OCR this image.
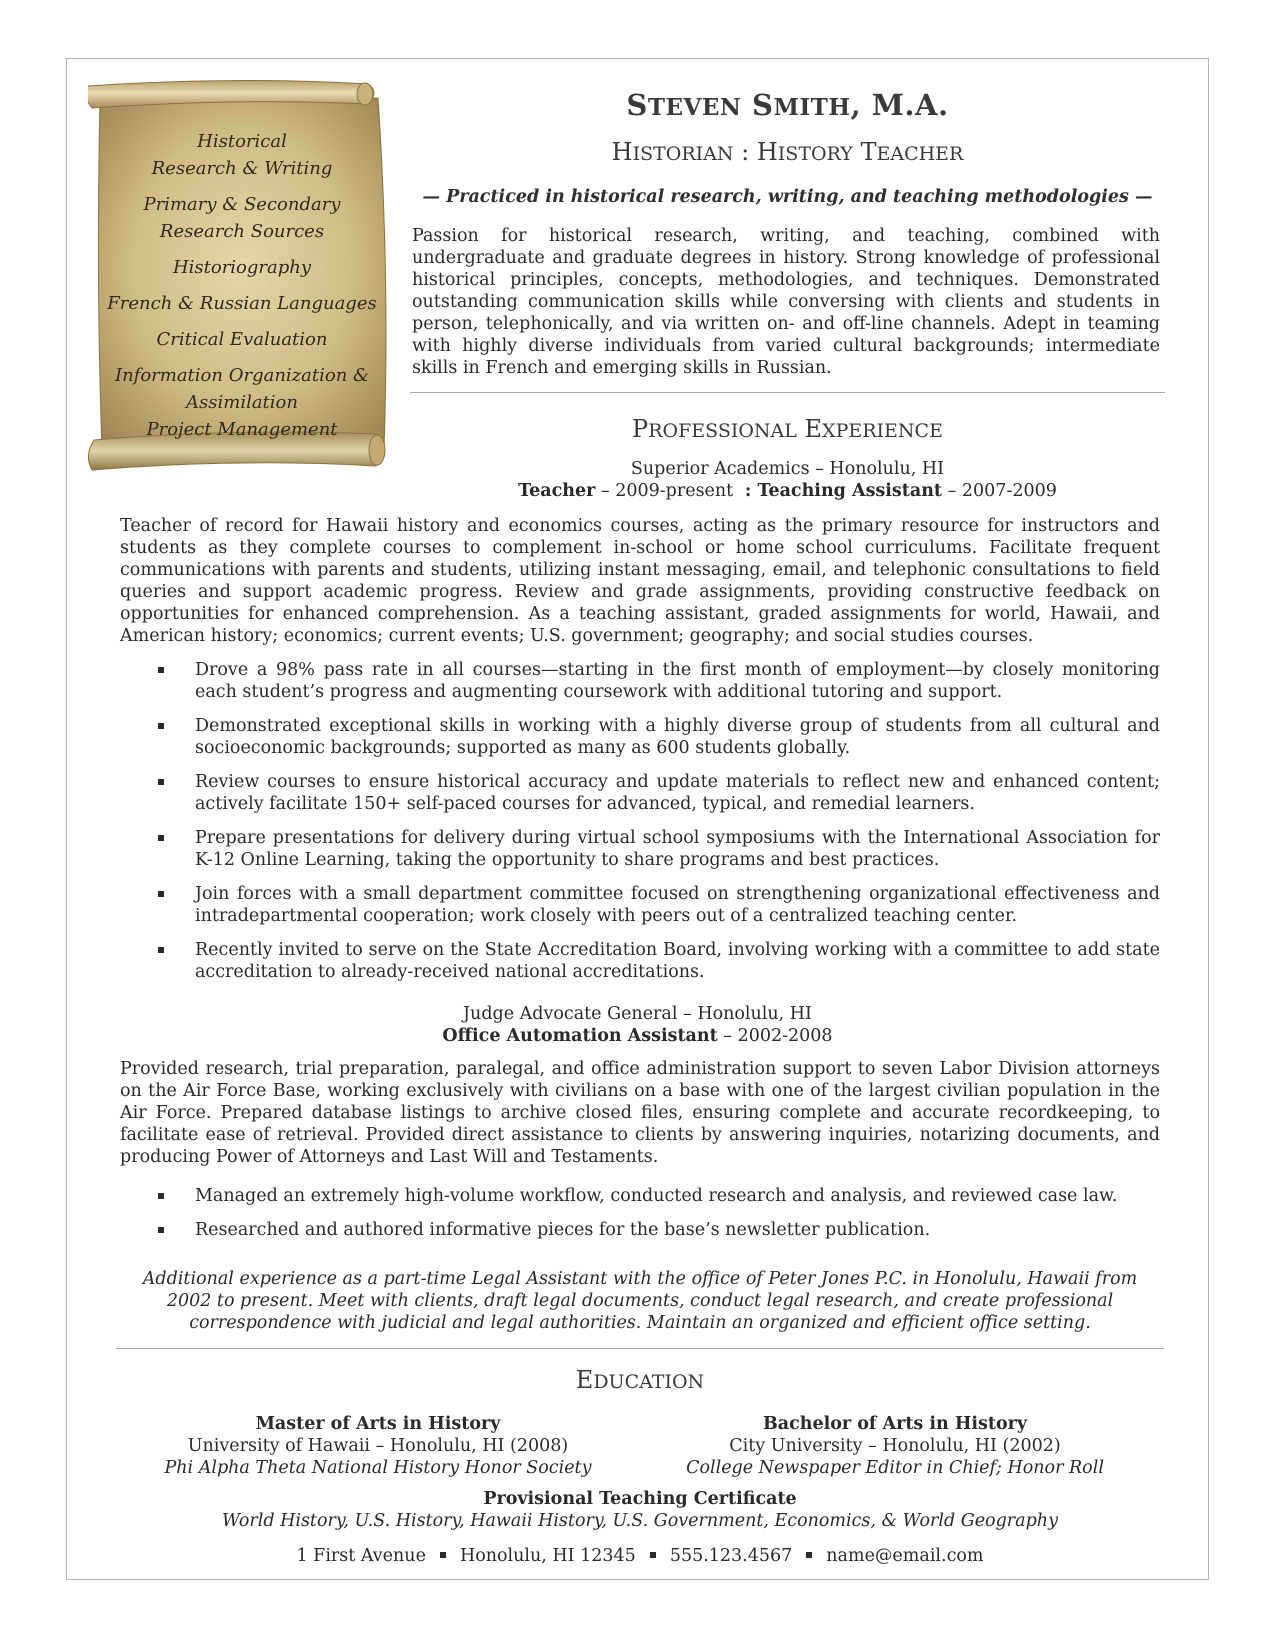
Historical
Research & Writing
Primary & Secondary
Research Sources
Historiography
French & Russian Languages
Critical Evaluation
Information Organization &
Assimilation
Project Management
STEVEN SMITH, M.A.
HISTORIAN : HISTORY TEACHER
— Practiced in historical research, writing, and teaching methodologies —
Passion for historical research, writing, and teaching, combined with undergraduate and graduate degrees in history. Strong knowledge of professional historical principles, concepts, methodologies, and techniques. Demonstrated outstanding communication skills while conversing with clients and students in person, telephonically, and via written on- and off-line channels. Adept in teaming with highly diverse individuals from varied cultural backgrounds; intermediate skills in French and emerging skills in Russian.
PROFESSIONAL EXPERIENCE
Superior Academics – Honolulu, HI
Teacher – 2009-present  : Teaching Assistant – 2007-2009
Teacher of record for Hawaii history and economics courses, acting as the primary resource for instructors and students as they complete courses to complement in-school or home school curriculums. Facilitate frequent communications with parents and students, utilizing instant messaging, email, and telephonic consultations to field queries and support academic progress. Review and grade assignments, providing constructive feedback on opportunities for enhanced comprehension. As a teaching assistant, graded assignments for world, Hawaii, and American history; economics; current events; U.S. government; geography; and social studies courses.
Drove a 98% pass rate in all courses—starting in the first month of employment—by closely monitoring each student’s progress and augmenting coursework with additional tutoring and support.
Demonstrated exceptional skills in working with a highly diverse group of students from all cultural and socioeconomic backgrounds; supported as many as 600 students globally.
Review courses to ensure historical accuracy and update materials to reflect new and enhanced content; actively facilitate 150+ self-paced courses for advanced, typical, and remedial learners.
Prepare presentations for delivery during virtual school symposiums with the International Association for K-12 Online Learning, taking the opportunity to share programs and best practices.
Join forces with a small department committee focused on strengthening organizational effectiveness and intradepartmental cooperation; work closely with peers out of a centralized teaching center.
Recently invited to serve on the State Accreditation Board, involving working with a committee to add state accreditation to already-received national accreditations.
Judge Advocate General – Honolulu, HI
Office Automation Assistant – 2002-2008
Provided research, trial preparation, paralegal, and office administration support to seven Labor Division attorneys on the Air Force Base, working exclusively with civilians on a base with one of the largest civilian population in the Air Force. Prepared database listings to archive closed files, ensuring complete and accurate recordkeeping, to facilitate ease of retrieval. Provided direct assistance to clients by answering inquiries, notarizing documents, and producing Power of Attorneys and Last Will and Testaments.
Managed an extremely high-volume workflow, conducted research and analysis, and reviewed case law.
Researched and authored informative pieces for the base’s newsletter publication.
Additional experience as a part-time Legal Assistant with the office of Peter Jones P.C. in Honolulu, Hawaii from 2002 to present. Meet with clients, draft legal documents, conduct legal research, and create professional correspondence with judicial and legal authorities. Maintain an organized and efficient office setting.
EDUCATION
Master of Arts in History
University of Hawaii – Honolulu, HI (2008)
Phi Alpha Theta National History Honor Society
Bachelor of Arts in History
City University – Honolulu, HI (2002)
College Newspaper Editor in Chief; Honor Roll
Provisional Teaching Certificate
World History, U.S. History, Hawaii History, U.S. Government, Economics, & World Geography
1 First Avenue Honolulu, HI 12345 555.123.4567 name@email.com
